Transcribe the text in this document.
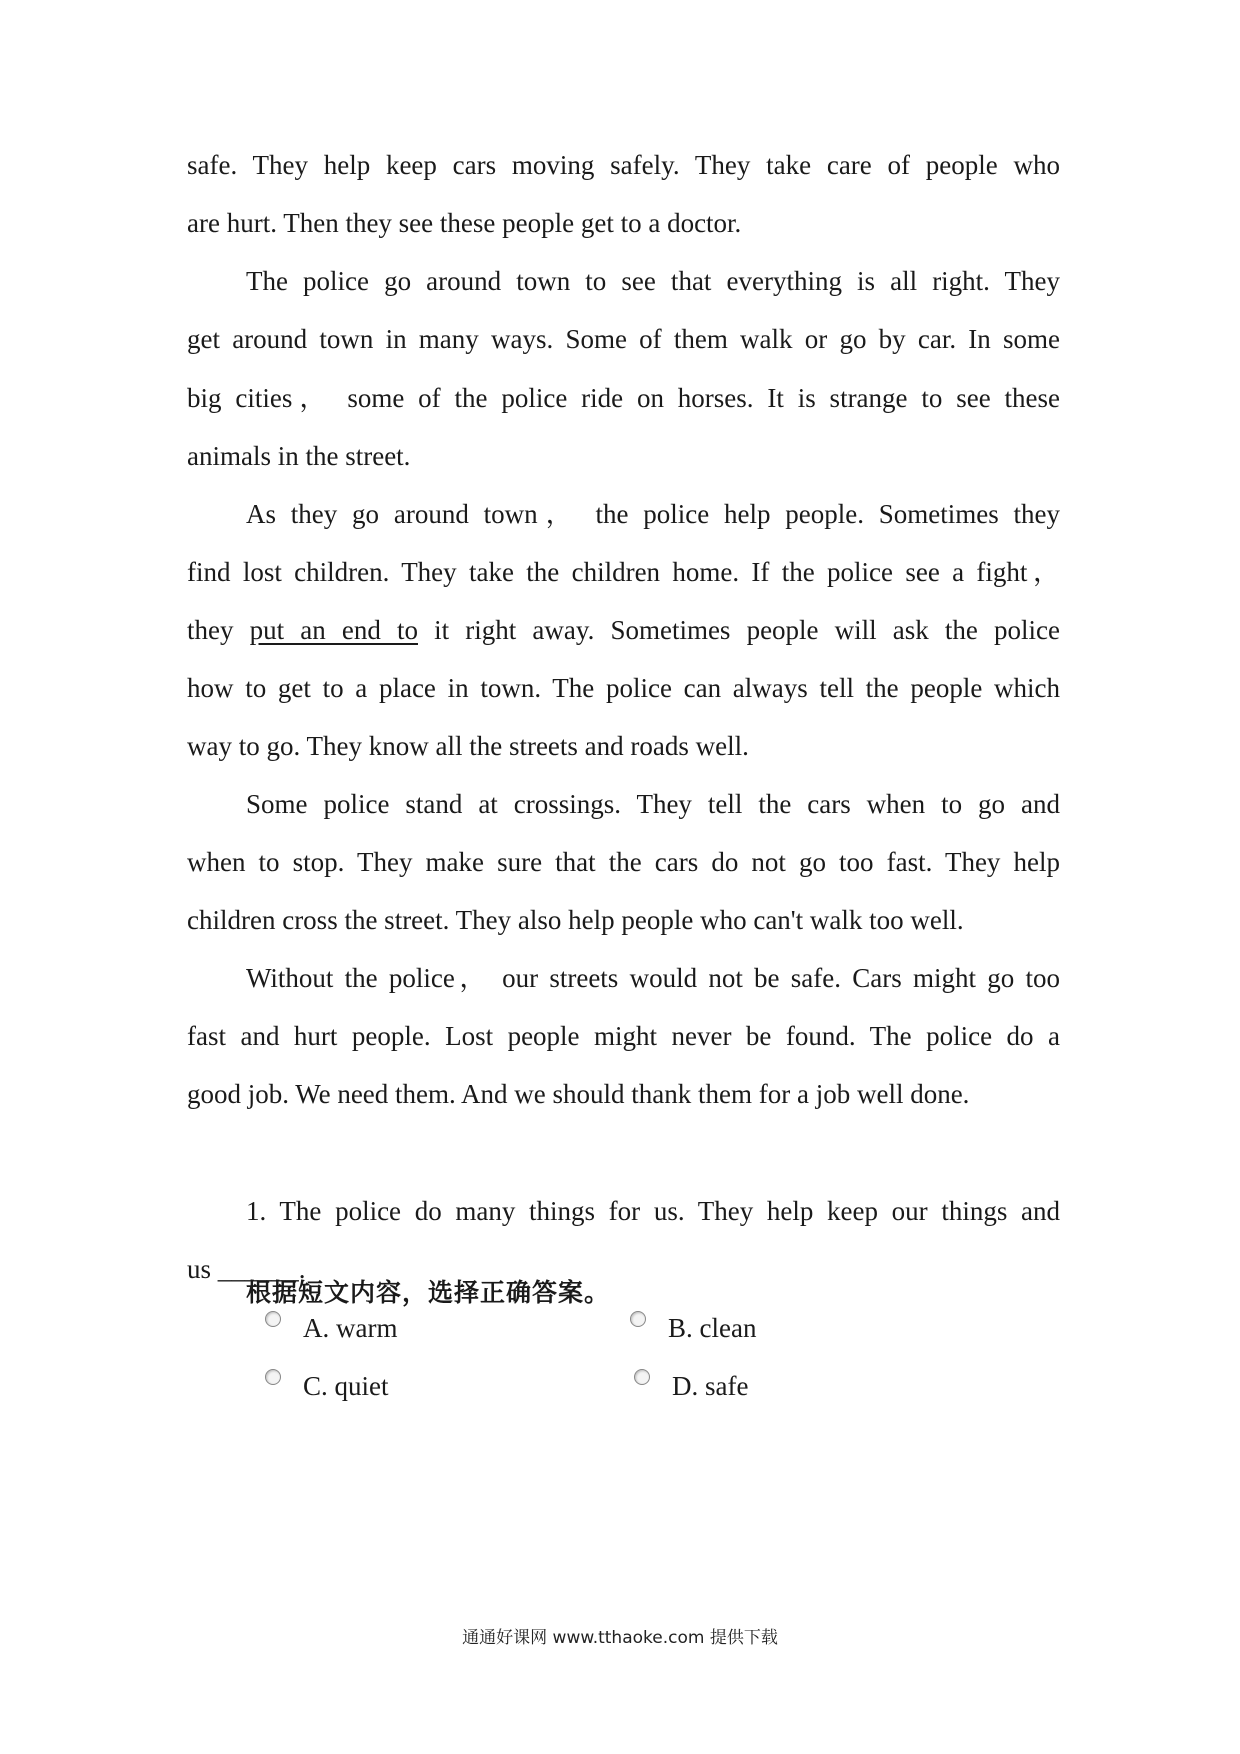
safe. They help keep cars moving safely. They take care of people who
are hurt. Then they see these people get to a doctor.
The police go around town to see that everything is all right. They
get around town in many ways. Some of them walk or go by car. In some
big cities， some of the police ride on horses. It is strange to see these
animals in the street.
As they go around town， the police help people. Sometimes they
find lost children. They take the children home. If the police see a fight，
they put an end to it right away. Sometimes people will ask the police
how to get to a place in town. The police can always tell the people which
way to go. They know all the streets and roads well.
Some police stand at crossings. They tell the cars when to go and
when to stop. They make sure that the cars do not go too fast. They help
children cross the street. They also help people who can't walk too well.
Without the police， our streets would not be safe. Cars might go too
fast and hurt people. Lost people might never be found. The police do a
good job. We need them. And we should thank them for a job well done.
根据短文内容，选择正确答案。
1. The police do many things for us. They help keep our things and
us ______.
A. warm	B. clean
C. quiet	D. safe
通通好课网 www.tthaoke.com 提供下载
